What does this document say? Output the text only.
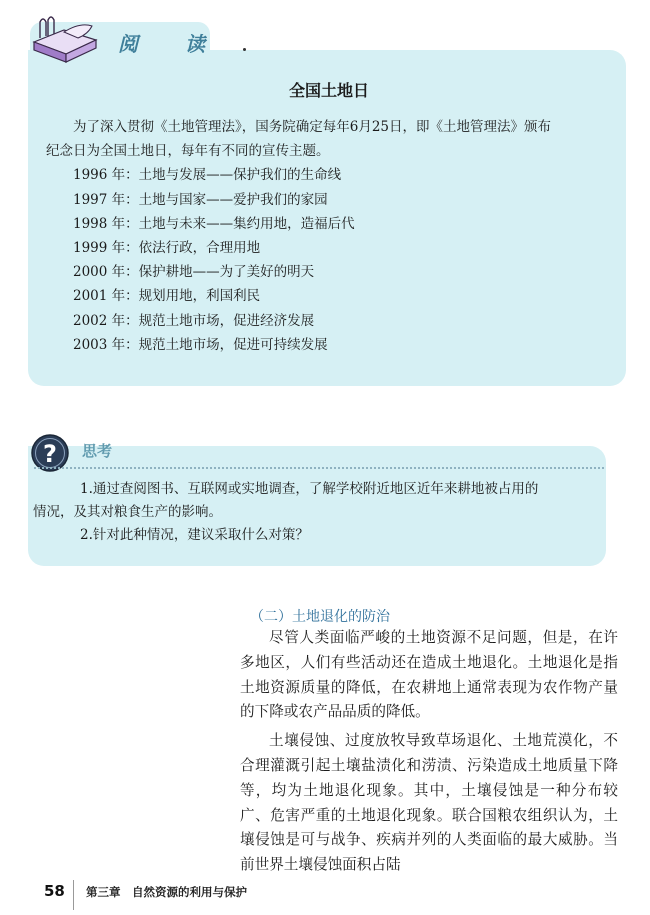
阅 读
全国土地日

为了深入贯彻《土地管理法》，国务院确定每年6月25日，即《土地管理法》颁布

纪念日为全国土地日，每年有不同的宣传主题。

1996 年：土地与发展——保护我们的生命线

1997 年：土地与国家——爱护我们的家园

1998 年：土地与未来——集约用地，造福后代

1999 年：依法行政，合理用地

2000 年：保护耕地——为了美好的明天

2001 年：规划用地，利国利民

2002 年：规范土地市场，促进经济发展

2003 年：规范土地市场，促进可持续发展

? 思考

1.通过查阅图书、互联网或实地调查，了解学校附近地区近年来耕地被占用的

情况，及其对粮食生产的影响。

2.针对此种情况，建议采取什么对策？

（二）土地退化的防治

尽管人类面临严峻的土地资源不足问题，但是，在许多地区，人们有些活动还在造成土地退化。土地退化是指土地资源质量的降低，在农耕地上通常表现为农作物产量的下降或农产品品质的降低。

土壤侵蚀、过度放牧导致草场退化、土地荒漠化，不合理灌溉引起土壤盐渍化和涝渍、污染造成土地质量下降等，均为土地退化现象。其中，土壤侵蚀是一种分布较广、危害严重的土地退化现象。联合国粮农组织认为，土壤侵蚀是可与战争、疾病并列的人类面临的最大威胁。当前世界土壤侵蚀面积占陆

58 第三章　自然资源的利用与保护
